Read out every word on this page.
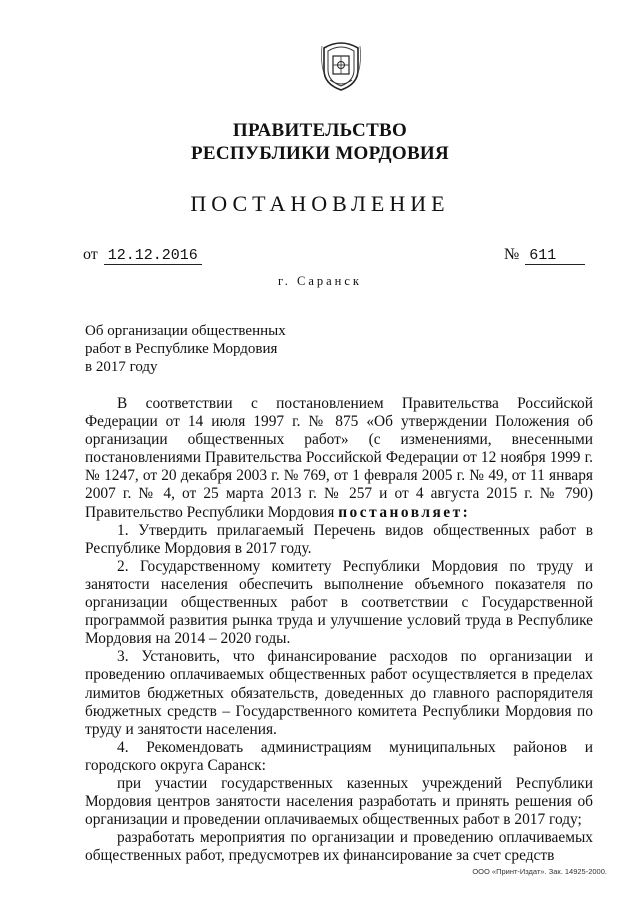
ПРАВИТЕЛЬСТВО
РЕСПУБЛИКИ МОРДОВИЯ
ПОСТАНОВЛЕНИЕ
от 12.12.2016	№ 611
г. Саранск
Об организации общественных
работ в Республике Мордовия
в 2017 году

В соответствии с постановлением Правительства Российской Федерации от 14 июля 1997 г. № 875 «Об утверждении Положения об организации общественных работ» (с изменениями, внесенными постановлениями Правительства Российской Федерации от 12 ноября 1999 г. № 1247, от 20 декабря 2003 г. № 769, от 1 февраля 2005 г. № 49, от 11 января 2007 г. № 4, от 25 марта 2013 г. № 257 и от 4 августа 2015 г. № 790) Правительство Республики Мордовия постановляет:

1. Утвердить прилагаемый Перечень видов общественных работ в Республике Мордовия в 2017 году.

2. Государственному комитету Республики Мордовия по труду и занятости населения обеспечить выполнение объемного показателя по организации общественных работ в соответствии с Государственной программой развития рынка труда и улучшение условий труда в Республике Мордовия на 2014 – 2020 годы.

3. Установить, что финансирование расходов по организации и проведению оплачиваемых общественных работ осуществляется в пределах лимитов бюджетных обязательств, доведенных до главного распорядителя бюджетных средств – Государственного комитета Республики Мордовия по труду и занятости населения.

4. Рекомендовать администрациям муниципальных районов и городского округа Саранск:

при участии государственных казенных учреждений Республики Мордовия центров занятости населения разработать и принять решения об организации и проведении оплачиваемых общественных работ в 2017 году;

разработать мероприятия по организации и проведению оплачиваемых общественных работ, предусмотрев их финансирование за счет средств

ООО «Принт-Издат». Зак. 14925-2000.
